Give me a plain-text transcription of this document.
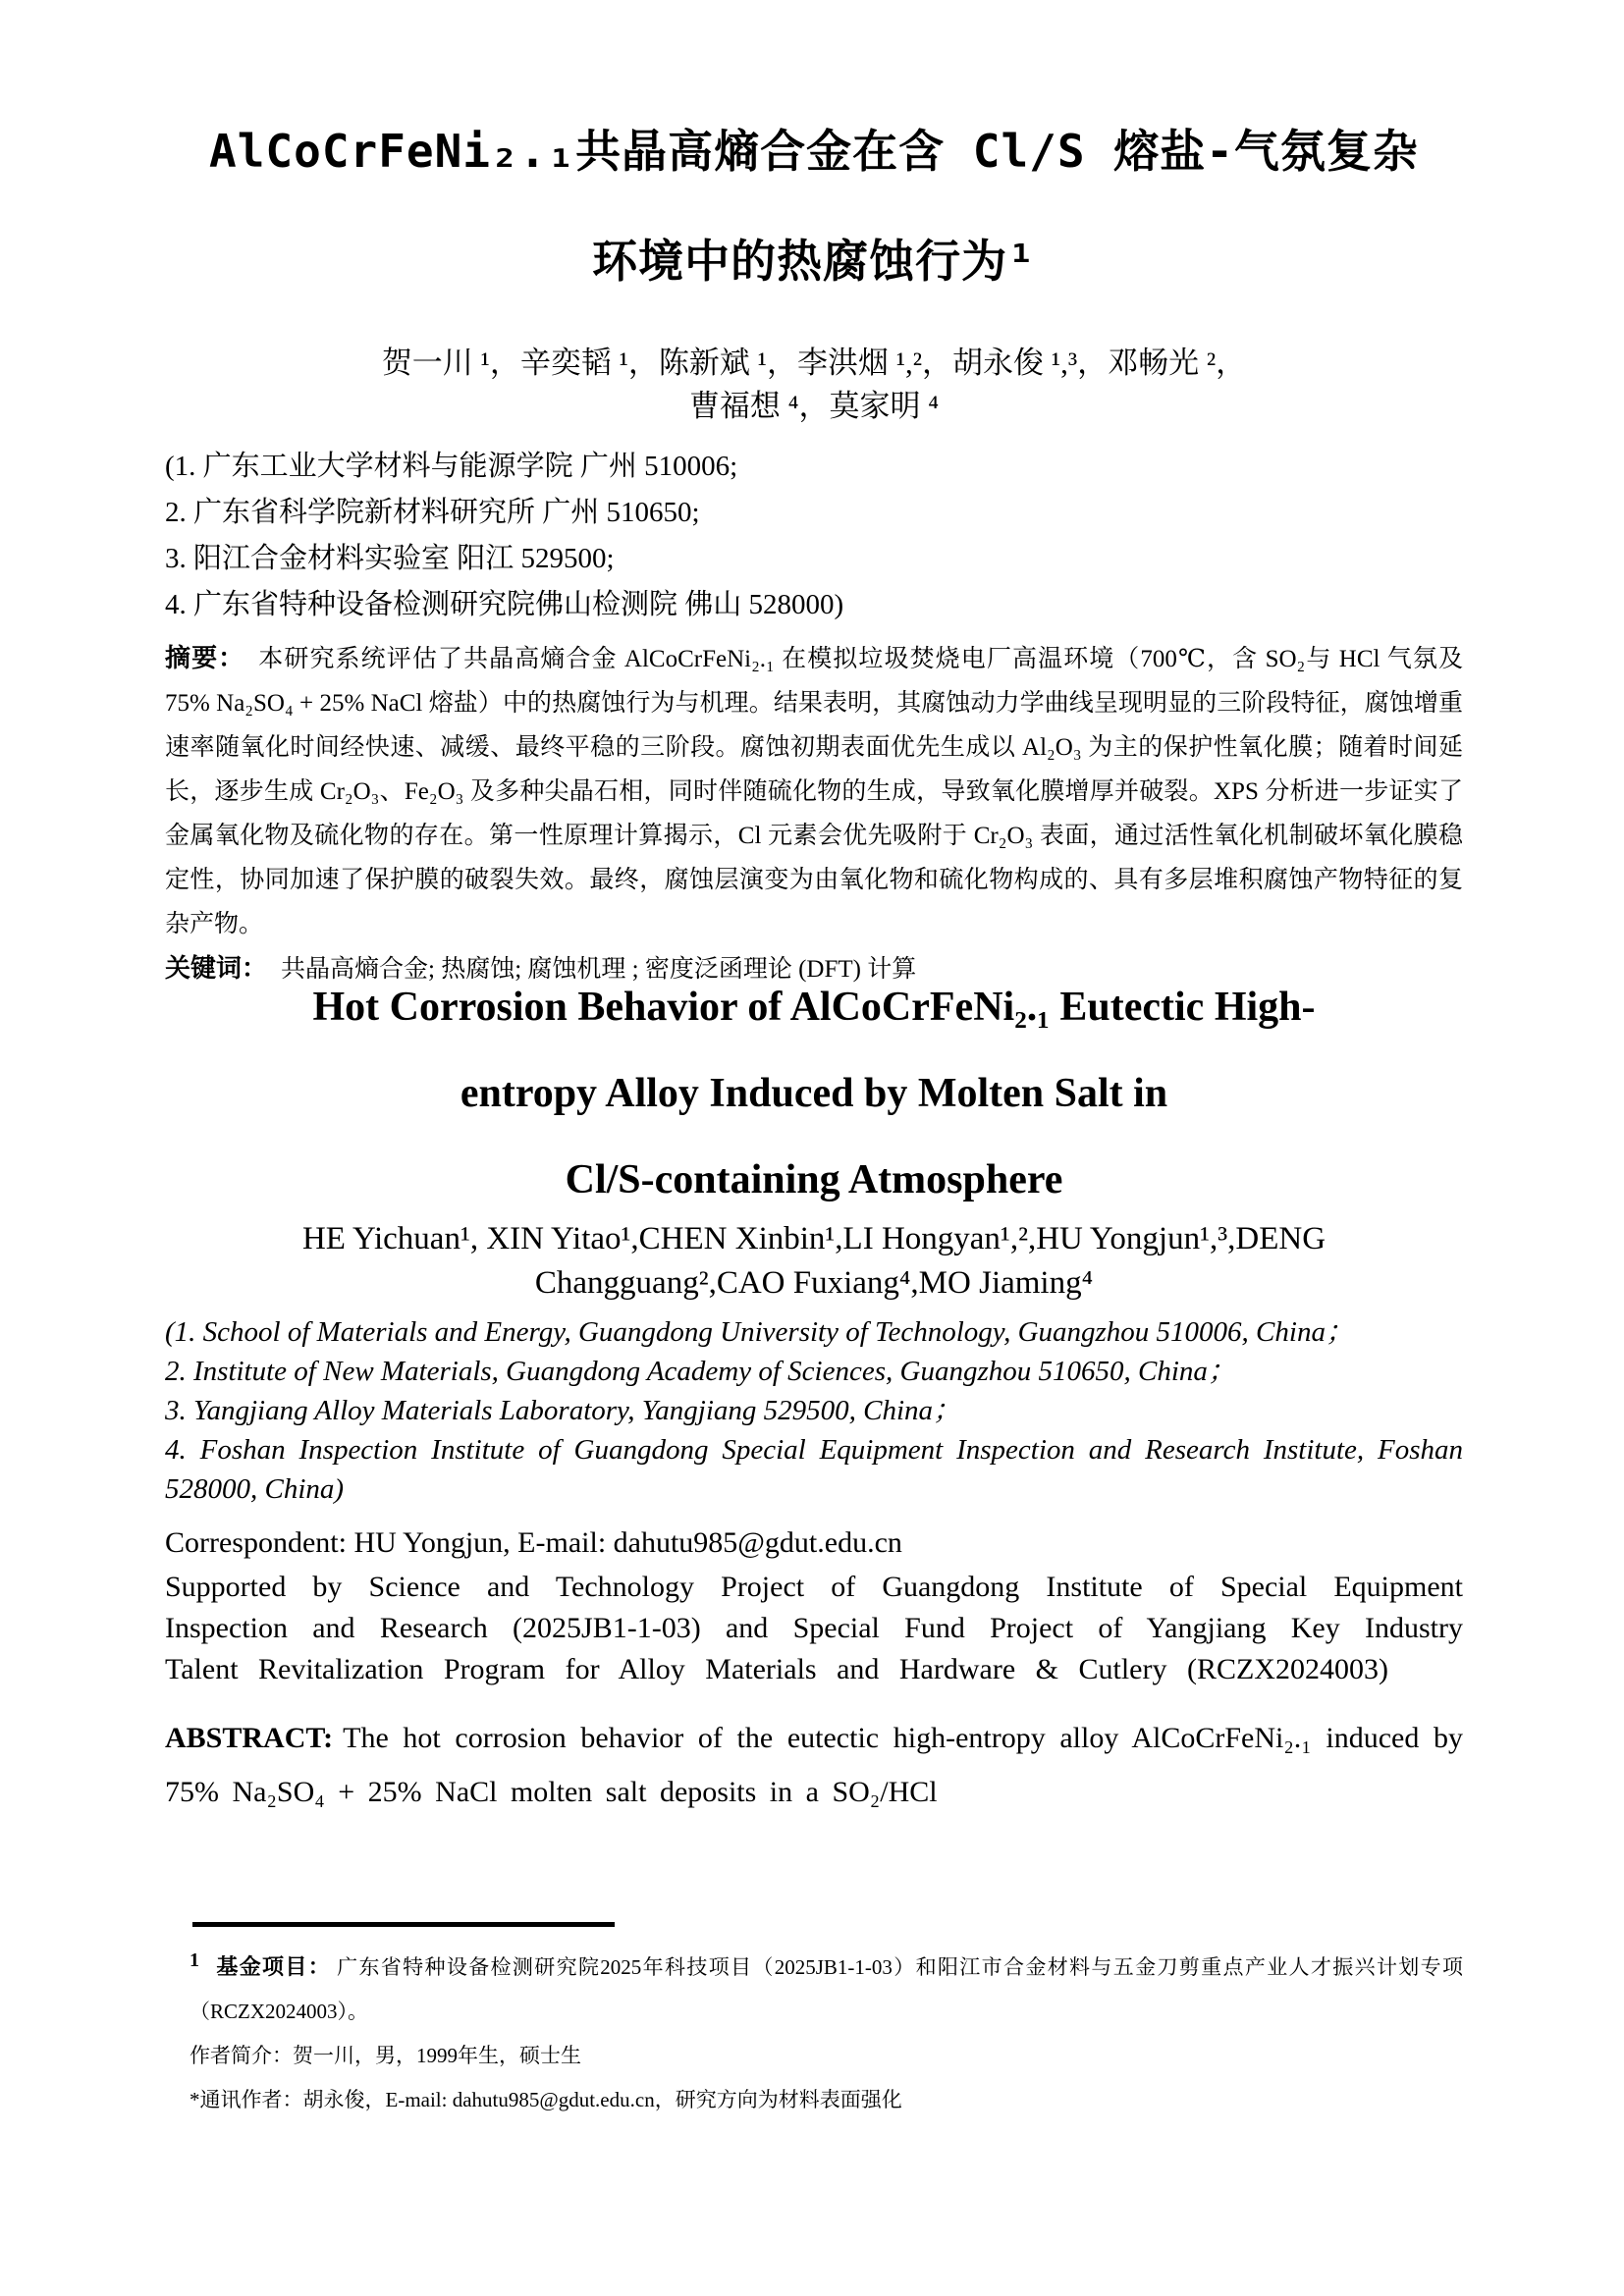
AlCoCrFeNi₂.₁共晶高熵合金在含 Cl/S 熔盐-气氛复杂
环境中的热腐蚀行为¹
贺一川 ¹，辛奕韬 ¹，陈新斌 ¹，李洪烟 ¹,²，胡永俊 ¹,³，邓畅光 ²，
曹福想 ⁴，莫家明 ⁴

(1. 广东工业大学材料与能源学院 广州 510006;

2. 广东省科学院新材料研究所 广州 510650;

3. 阳江合金材料实验室 阳江 529500;

4. 广东省特种设备检测研究院佛山检测院 佛山 528000)

摘要： 本研究系统评估了共晶高熵合金 AlCoCrFeNi₂.₁ 在模拟垃圾焚烧电厂高温环境（700℃，含 SO₂与 HCl 气氛及 75% Na₂SO₄ + 25% NaCl 熔盐）中的热腐蚀行为与机理。结果表明，其腐蚀动力学曲线呈现明显的三阶段特征，腐蚀增重速率随氧化时间经快速、减缓、最终平稳的三阶段。腐蚀初期表面优先生成以 Al₂O₃ 为主的保护性氧化膜；随着时间延长，逐步生成 Cr₂O₃、Fe₂O₃ 及多种尖晶石相，同时伴随硫化物的生成，导致氧化膜增厚并破裂。XPS 分析进一步证实了金属氧化物及硫化物的存在。第一性原理计算揭示，Cl 元素会优先吸附于 Cr₂O₃ 表面，通过活性氧化机制破坏氧化膜稳定性，协同加速了保护膜的破裂失效。最终，腐蚀层演变为由氧化物和硫化物构成的、具有多层堆积腐蚀产物特征的复杂产物。

关键词： 共晶高熵合金; 热腐蚀; 腐蚀机理 ; 密度泛函理论 (DFT) 计算

Hot Corrosion Behavior of AlCoCrFeNi₂.₁ Eutectic High-
entropy Alloy Induced by Molten Salt in
Cl/S-containing Atmosphere
HE Yichuan¹, XIN Yitao¹,CHEN Xinbin¹,LI Hongyan¹,²,HU Yongjun¹,³,DENG
Changguang²,CAO Fuxiang⁴,MO Jiaming⁴

(1. School of Materials and Energy, Guangdong University of Technology, Guangzhou 510006, China；

2. Institute of New Materials, Guangdong Academy of Sciences, Guangzhou 510650, China；

3. Yangjiang Alloy Materials Laboratory, Yangjiang 529500, China；

4. Foshan Inspection Institute of Guangdong Special Equipment Inspection and Research Institute, Foshan 528000, China)

Correspondent: HU Yongjun, E-mail: dahutu985@gdut.edu.cn

Supported by Science and Technology Project of Guangdong Institute of Special Equipment Inspection and Research (2025JB1-1-03) and Special Fund Project of Yangjiang Key Industry Talent Revitalization Program for Alloy Materials and Hardware & Cutlery (RCZX2024003)

ABSTRACT: The hot corrosion behavior of the eutectic high-entropy alloy AlCoCrFeNi₂.₁ induced by 75% Na₂SO₄ + 25% NaCl molten salt deposits in a SO₂/HCl

1 基金项目： 广东省特种设备检测研究院2025年科技项目（2025JB1-1-03）和阳江市合金材料与五金刀剪重点产业人才振兴计划专项（RCZX2024003）。

作者简介：贺一川，男，1999年生，硕士生

*通讯作者：胡永俊，E-mail: dahutu985@gdut.edu.cn，研究方向为材料表面强化
